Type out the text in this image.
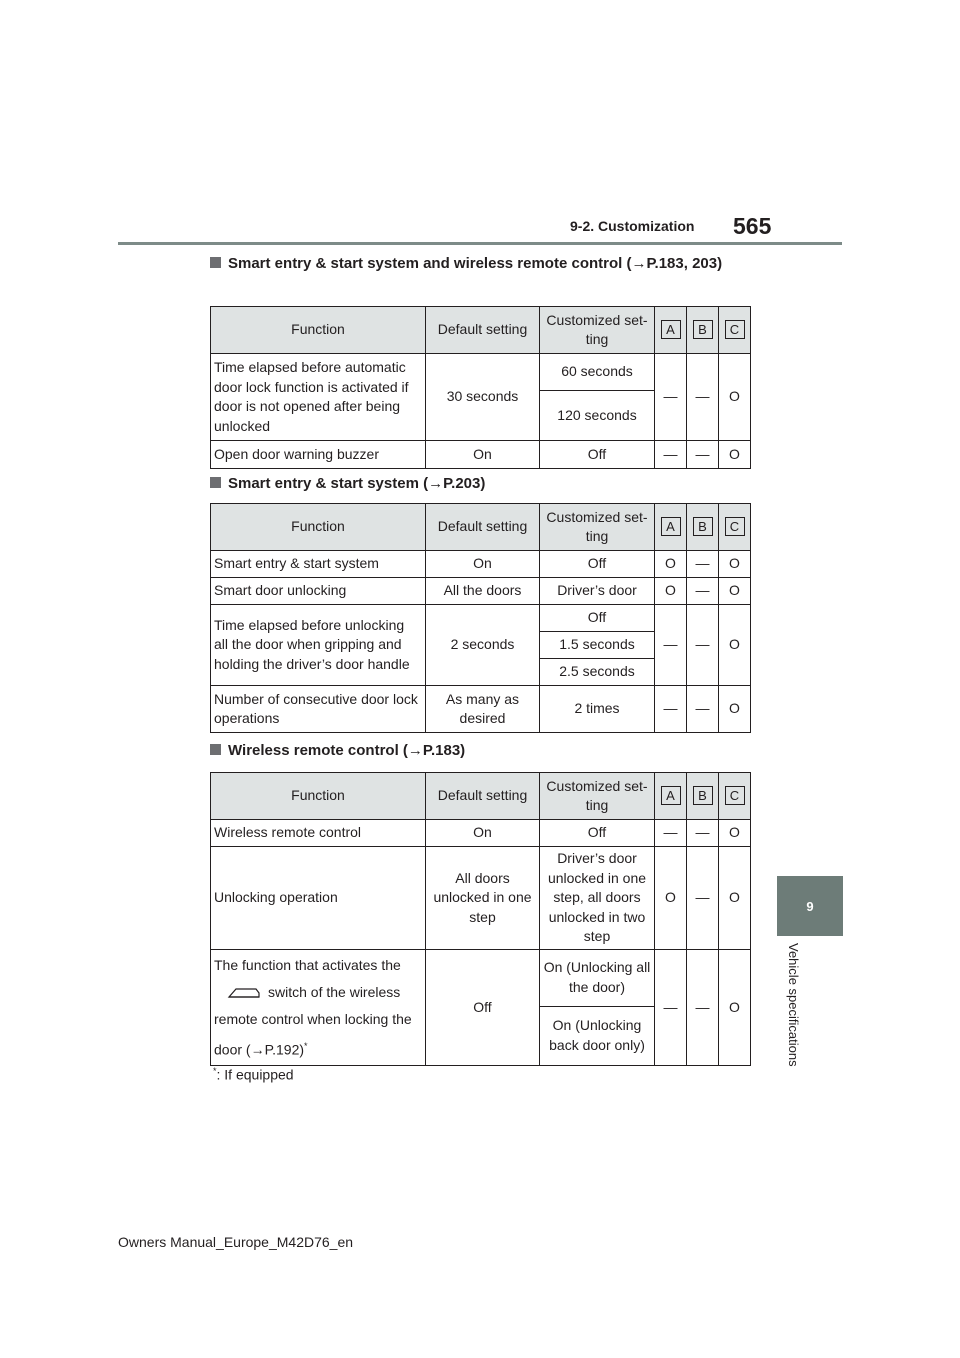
9-2. Customization 565
9
Vehicle specifications
Smart entry & start system and wireless remote control (→P.183, 203)
Function	Default setting	Customized set-ting	A	B	C
Time elapsed before automatic door lock function is activated if door is not opened after being unlocked	30 seconds	60 seconds	—	—	O
		120 seconds			
Open door warning buzzer	On	Off	—	—	O
Smart entry & start system (→P.203)
Function	Default setting	Customized set-ting	A	B	C
Smart entry & start system	On	Off	O	—	O
Smart door unlocking	All the doors	Driver’s door	O	—	O
Time elapsed before unlocking all the door when gripping and holding the driver’s door handle	2 seconds	Off	—	—	O
		1.5 seconds			
		2.5 seconds			
Number of consecutive door lock operations	As many as desired	2 times	—	—	O
Wireless remote control (→P.183)
Function	Default setting	Customized set-ting	A	B	C
Wireless remote control	On	Off	—	—	O
Unlocking operation	All doors unlocked in one step	Driver’s door unlocked in one step, all doors unlocked in two step	O	—	O
The function that activates the
switch of the wireless remote control when locking the door (→P.192)*	Off	On (Unlocking all the door)	—	—	O
		On (Unlocking back door only)			
*: If equipped
Owners Manual_Europe_M42D76_en
